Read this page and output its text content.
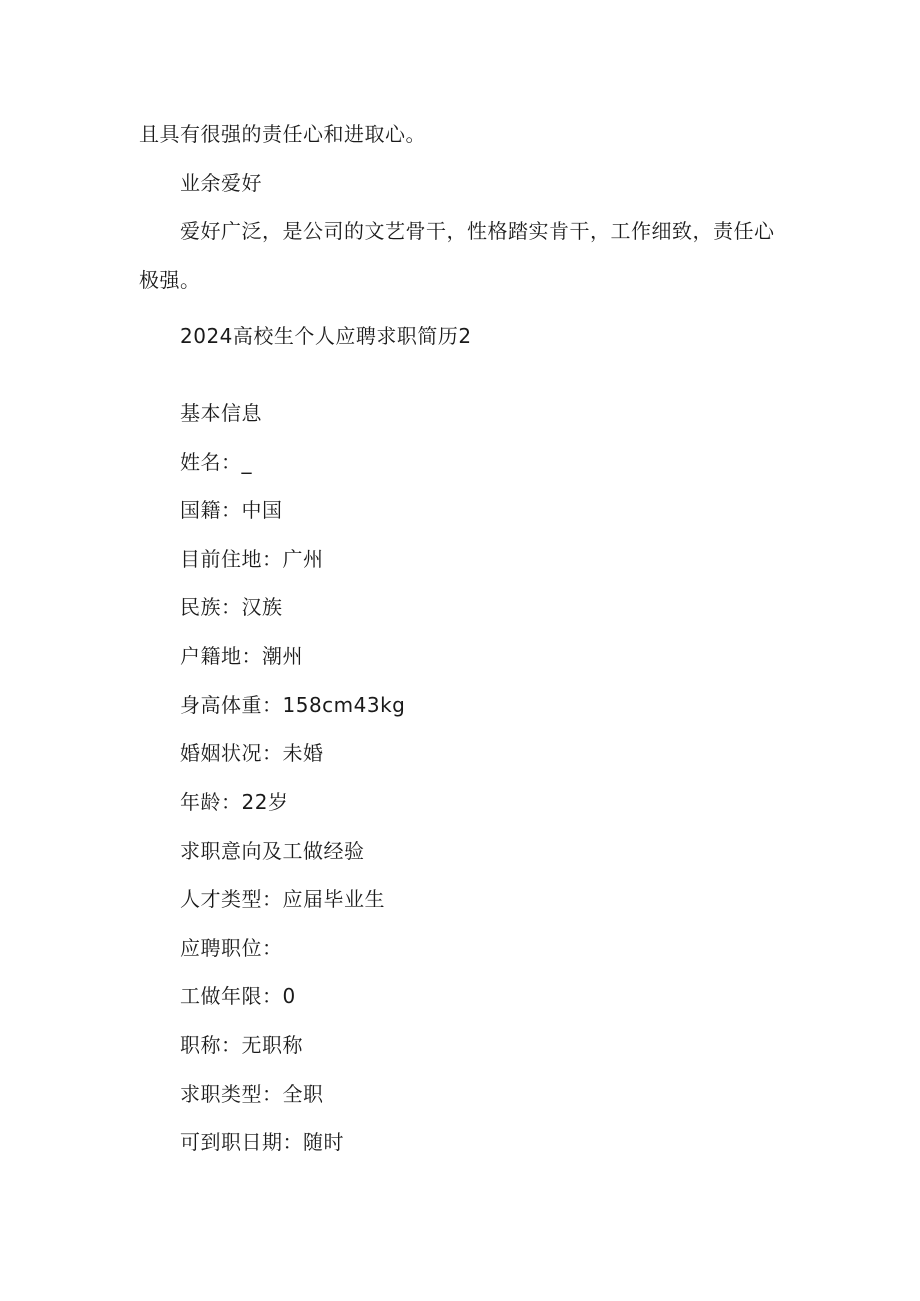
且具有很强的责任心和进取心。
业余爱好
爱好广泛，是公司的文艺骨干，性格踏实肯干，工作细致，责任心
极强。
2024高校生个人应聘求职简历2
基本信息
姓名：_
国籍：中国
目前住地：广州
民族：汉族
户籍地：潮州
身高体重：158cm43kg
婚姻状况：未婚
年龄：22岁
求职意向及工做经验
人才类型：应届毕业生
应聘职位：
工做年限：0
职称：无职称
求职类型：全职
可到职日期：随时
